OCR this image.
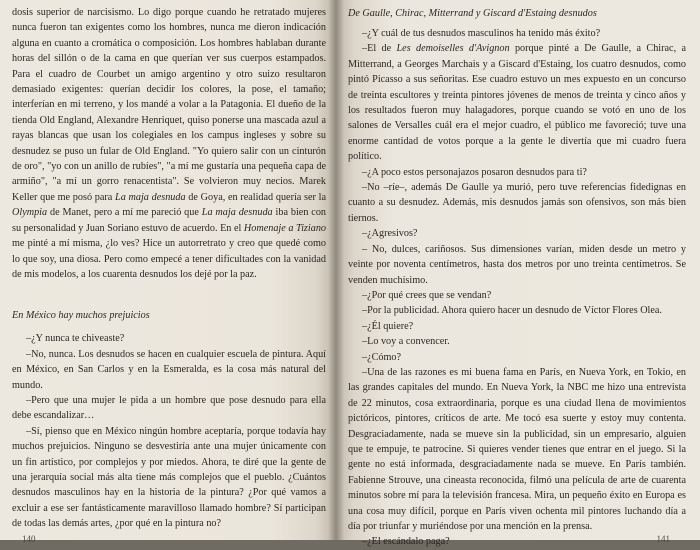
dosis superior de narcisismo. Lo digo porque cuando he retratado mujeres nunca fueron tan exigentes como los hombres, nunca me dieron indicación alguna en cuanto a cromática o composición. Los hombres hablaban durante horas del sillón o de la cama en que querían ver sus cuerpos estampados. Para el cuadro de Courbet un amigo argentino y otro suizo resultaron demasiado exigentes: querían decidir los colores, la pose, el tamaño; interferían en mi terreno, y los mandé a volar a la Patagonia. El dueño de la tienda Old England, Alexandre Henriquet, quiso ponerse una mascada azul a rayas blancas que usan los colegiales en los campus ingleses y sobre su desnudez se puso un fular de Old England. "Yo quiero salir con un cinturón de oro", "yo con un anillo de rubíes", "a mí me gustaría una pequeña capa de armiño", "a mí un gorro renacentista". Se volvieron muy necios. Marek Keller que me posó para La maja desnuda de Goya, en realidad quería ser la Olympia de Manet, pero a mí me pareció que La maja desnuda iba bien con su personalidad y Juan Soriano estuvo de acuerdo. En el Homenaje a Tiziano me pinté a mí misma, ¿lo ves? Hice un autorretrato y creo que quedé como lo que soy, una diosa. Pero como empecé a tener dificultades con la vanidad de mis modelos, a los cuarenta desnudos los dejé por la paz.

En México hay muchos prejuicios

–¿Y nunca te chiveaste?

–No, nunca. Los desnudos se hacen en cualquier escuela de pintura. Aquí en México, en San Carlos y en la Esmeralda, es la cosa más natural del mundo.

–Pero que una mujer le pida a un hombre que pose desnudo para ella debe escandalizar…

–Sí, pienso que en México ningún hombre aceptaría, porque todavía hay muchos prejuicios. Ninguno se desvestiría ante una mujer únicamente con un fin artístico, por complejos y por miedos. Ahora, te diré que la gente de una jerarquía social más alta tiene más complejos que el pueblo. ¿Cuántos desnudos masculinos hay en la historia de la pintura? ¿Por qué vamos a excluir a ese ser fantásticamente maravilloso llamado hombre? Sí participan de todas las demás artes, ¿por qué en la pintura no?

140
De Gaulle, Chirac, Mitterrand y Giscard d'Estaing desnudos

–¿Y cuál de tus desnudos masculinos ha tenido más éxito?

–El de Les demoiselles d'Avignon porque pinté a De Gaulle, a Chirac, a Mitterrand, a Georges Marchais y a Giscard d'Estaing, los cuatro desnudos, como pintó Picasso a sus señoritas. Ese cuadro estuvo un mes expuesto en un concurso de treinta escultores y treinta pintores jóvenes de menos de treinta y cinco años y los resultados fueron muy halagadores, porque cuando se votó en uno de los salones de Versalles cuál era el mejor cuadro, el público me favoreció; tuve una enorme cantidad de votos porque a la gente le divertía que mi cuadro fuera político.

–¿A poco estos personajazos posaron desnudos para ti?

–No –ríe–, además De Gaulle ya murió, pero tuve referencias fidedignas en cuanto a su desnudez. Además, mis desnudos jamás son ofensivos, son más bien tiernos.

–¿Agresivos?

– No, dulces, cariñosos. Sus dimensiones varían, miden desde un metro y veinte por noventa centímetros, hasta dos metros por uno treinta centímetros. Se venden muchísimo.

–¿Por qué crees que se vendan?

–Por la publicidad. Ahora quiero hacer un desnudo de Víctor Flores Olea.

–¿Él quiere?

–Lo voy a convencer.

–¿Cómo?

–Una de las razones es mi buena fama en París, en Nueva York, en Tokio, en las grandes capitales del mundo. En Nueva York, la NBC me hizo una entrevista de 22 minutos, cosa extraordinaria, porque es una ciudad llena de movimientos pictóricos, pintores, críticos de arte. Me tocó esa suerte y estoy muy contenta. Desgraciadamente, nada se mueve sin la publicidad, sin un empresario, alguien que te empuje, te patrocine. Si quieres vender tienes que entrar en el juego. Si la gente no está informada, desgraciadamente nada se mueve. En París también. Fabienne Strouve, una cineasta reconocida, filmó una película de arte de cuarenta minutos sobre mí para la televisión francesa. Mira, un pequeño éxito en Europa es una cosa muy difícil, porque en París viven ochenta mil pintores luchando día a día por triunfar y muriéndose por una mención en la prensa.

–¿El escándalo paga?	141
